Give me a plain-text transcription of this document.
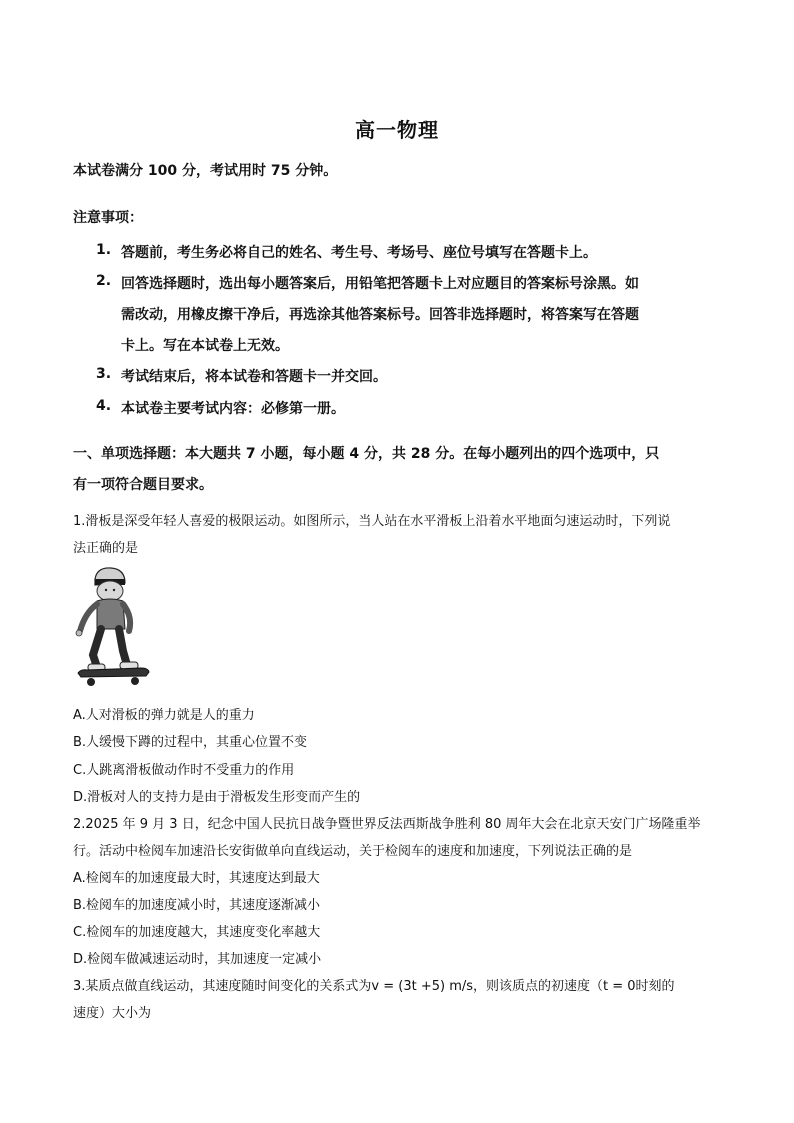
高一物理
本试卷满分 100 分，考试用时 75 分钟。
注意事项：
1. 答题前，考生务必将自己的姓名、考生号、考场号、座位号填写在答题卡上。
2. 回答选择题时，选出每小题答案后，用铅笔把答题卡上对应题目的答案标号涂黑。如
需改动，用橡皮擦干净后，再选涂其他答案标号。回答非选择题时，将答案写在答题
卡上。写在本试卷上无效。
3. 考试结束后，将本试卷和答题卡一并交回。
4. 本试卷主要考试内容：必修第一册。
一、单项选择题：本大题共 7 小题，每小题 4 分，共 28 分。在每小题列出的四个选项中，只
有一项符合题目要求。
1.滑板是深受年轻人喜爱的极限运动。如图所示，当人站在水平滑板上沿着水平地面匀速运动时，下列说
法正确的是
A.人对滑板的弹力就是人的重力
B.人缓慢下蹲的过程中，其重心位置不变
C.人跳离滑板做动作时不受重力的作用
D.滑板对人的支持力是由于滑板发生形变而产生的
2.2025 年 9 月 3 日，纪念中国人民抗日战争暨世界反法西斯战争胜利 80 周年大会在北京天安门广场隆重举
行。活动中检阅车加速沿长安街做单向直线运动，关于检阅车的速度和加速度，下列说法正确的是
A.检阅车的加速度最大时，其速度达到最大
B.检阅车的加速度减小时，其速度逐渐减小
C.检阅车的加速度越大，其速度变化率越大
D.检阅车做减速运动时，其加速度一定减小
3.某质点做直线运动，其速度随时间变化的关系式为v = (3t +5) m/s，则该质点的初速度（t = 0时刻的
速度）大小为
